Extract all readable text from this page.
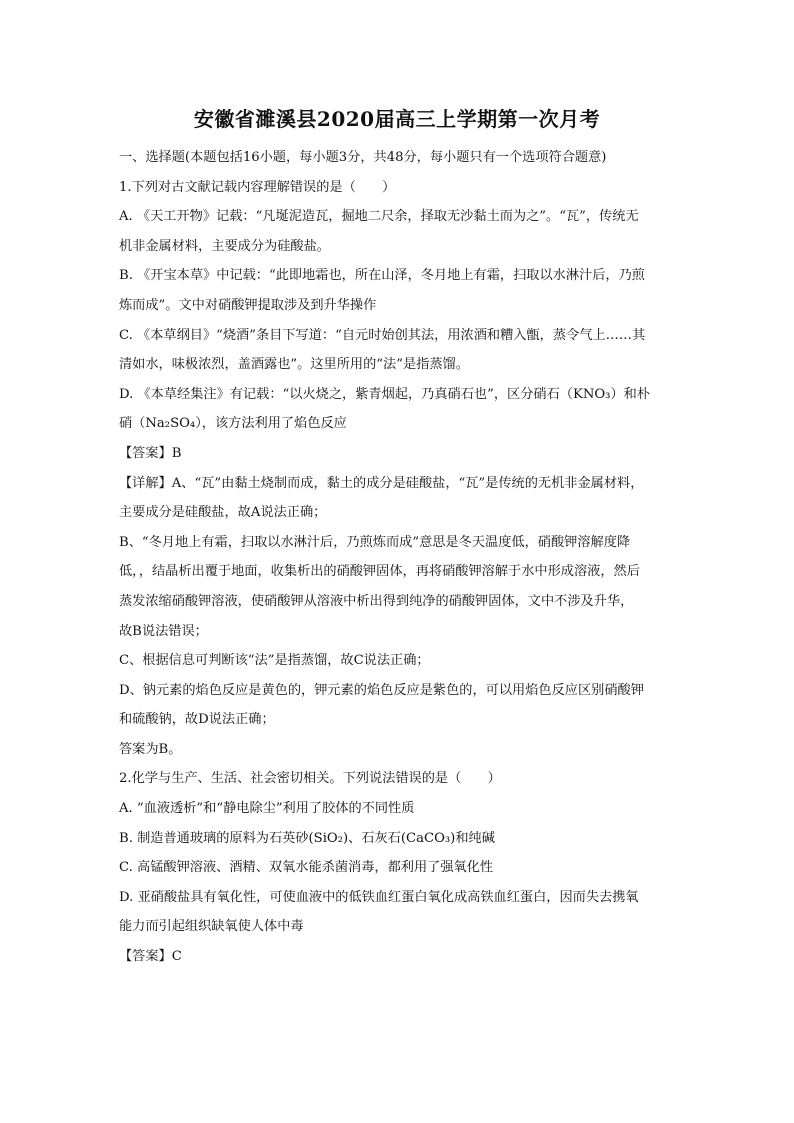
安徽省濉溪县2020届高三上学期第一次月考
一、选择题(本题包括16小题，每小题3分，共48分，每小题只有一个选项符合题意)
1.下列对古文献记载内容理解错误的是（　　）
A. 《天工开物》记载：“凡埏泥造瓦，掘地二尺余，择取无沙黏土而为之”。“瓦”，传统无
机非金属材料，主要成分为硅酸盐。
B. 《开宝本草》中记载：“此即地霜也，所在山泽，冬月地上有霜，扫取以水淋汁后，乃煎
炼而成”。文中对硝酸钾提取涉及到升华操作
C. 《本草纲目》“烧酒”条目下写道：“自元时始创其法，用浓酒和糟入甑，蒸令气上……其
清如水，味极浓烈，盖酒露也”。这里所用的“法”是指蒸馏。
D. 《本草经集注》有记载：“以火烧之，紫青烟起，乃真硝石也”，区分硝石（KNO₃）和朴
硝（Na₂SO₄），该方法利用了焰色反应
【答案】B
【详解】A、“瓦”由黏土烧制而成，黏土的成分是硅酸盐，“瓦”是传统的无机非金属材料，
主要成分是硅酸盐，故A说法正确；
B、“冬月地上有霜，扫取以水淋汁后，乃煎炼而成”意思是冬天温度低，硝酸钾溶解度降
低，，结晶析出覆于地面，收集析出的硝酸钾固体，再将硝酸钾溶解于水中形成溶液，然后
蒸发浓缩硝酸钾溶液，使硝酸钾从溶液中析出得到纯净的硝酸钾固体，文中不涉及升华，
故B说法错误；
C、根据信息可判断该“法”是指蒸馏，故C说法正确；
D、钠元素的焰色反应是黄色的，钾元素的焰色反应是紫色的，可以用焰色反应区别硝酸钾
和硫酸钠，故D说法正确；
答案为B。
2.化学与生产、生活、社会密切相关。下列说法错误的是（　　）
A. “血液透析”和“静电除尘”利用了胶体的不同性质
B. 制造普通玻璃的原料为石英砂(SiO₂)、石灰石(CaCO₃)和纯碱
C. 高锰酸钾溶液、酒精、双氧水能杀菌消毒，都利用了强氧化性
D. 亚硝酸盐具有氧化性，可使血液中的低铁血红蛋白氧化成高铁血红蛋白，因而失去携氧
能力而引起组织缺氧使人体中毒
【答案】C
